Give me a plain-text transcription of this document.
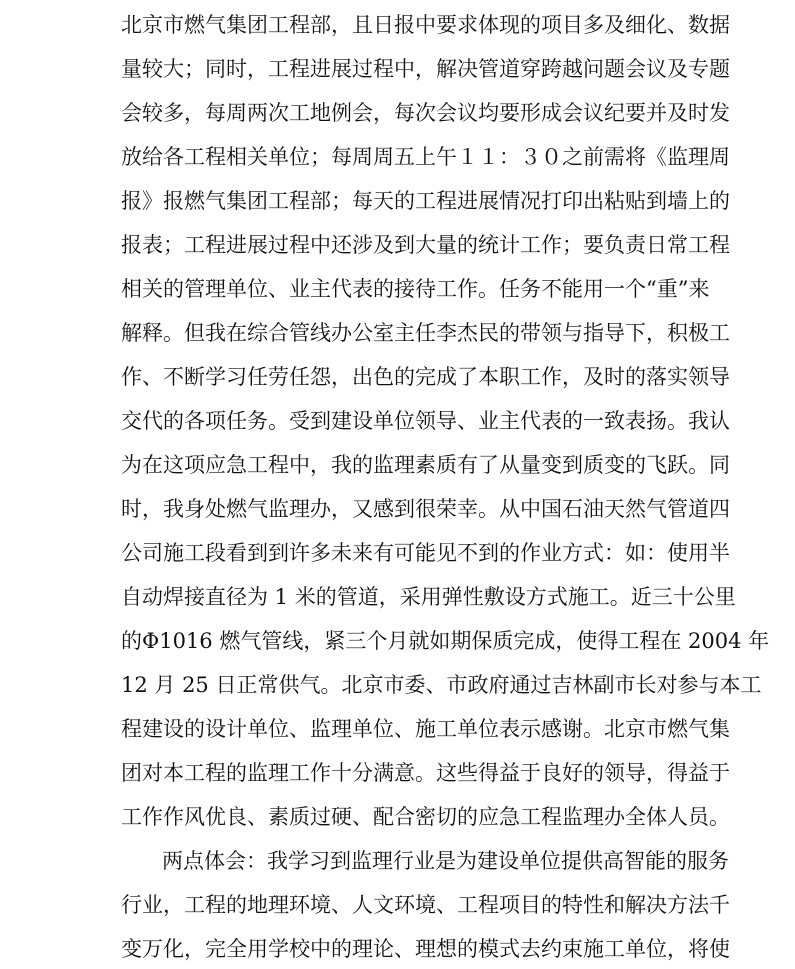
北京市燃气集团工程部，且日报中要求体现的项目多及细化、数据
量较大；同时，工程进展过程中，解决管道穿跨越问题会议及专题
会较多，每周两次工地例会，每次会议均要形成会议纪要并及时发
放给各工程相关单位；每周周五上午１１：３０之前需将《监理周
报》报燃气集团工程部；每天的工程进展情况打印出粘贴到墙上的
报表；工程进展过程中还涉及到大量的统计工作；要负责日常工程
相关的管理单位、业主代表的接待工作。任务不能用一个“重”来
解释。但我在综合管线办公室主任李杰民的带领与指导下，积极工
作、不断学习任劳任怨，出色的完成了本职工作，及时的落实领导
交代的各项任务。受到建设单位领导、业主代表的一致表扬。我认
为在这项应急工程中，我的监理素质有了从量变到质变的飞跃。同
时，我身处燃气监理办，又感到很荣幸。从中国石油天然气管道四
公司施工段看到到许多未来有可能见不到的作业方式：如：使用半
自动焊接直径为 1 米的管道，采用弹性敷设方式施工。近三十公里
的Φ1016 燃气管线，紧三个月就如期保质完成，使得工程在 2004 年
12 月 25 日正常供气。北京市委、市政府通过吉林副市长对参与本工
程建设的设计单位、监理单位、施工单位表示感谢。北京市燃气集
团对本工程的监理工作十分满意。这些得益于良好的领导，得益于
工作作风优良、素质过硬、配合密切的应急工程监理办全体人员。
两点体会：我学习到监理行业是为建设单位提供高智能的服务
行业，工程的地理环境、人文环境、工程项目的特性和解决方法千
变万化，完全用学校中的理论、理想的模式去约束施工单位，将使
